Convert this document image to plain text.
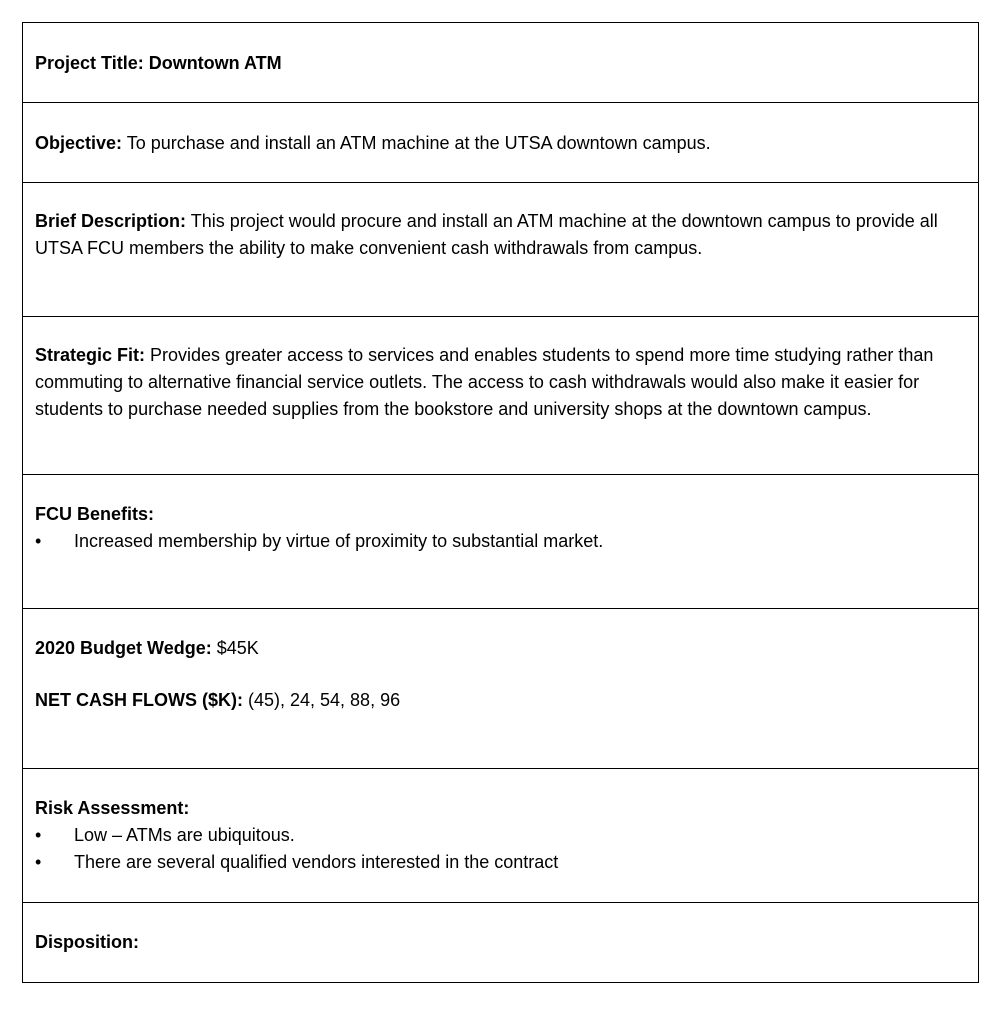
Project Title: Downtown ATM
Objective: To purchase and install an ATM machine at the UTSA downtown campus.
Brief Description: This project would procure and install an ATM machine at the downtown campus to provide all UTSA FCU members the ability to make convenient cash withdrawals from campus.
Strategic Fit: Provides greater access to services and enables students to spend more time studying rather than commuting to alternative financial service outlets. The access to cash withdrawals would also make it easier for students to purchase needed supplies from the bookstore and university shops at the downtown campus.
FCU Benefits:
•	Increased membership by virtue of proximity to substantial market.
2020 Budget Wedge: $45K
NET CASH FLOWS ($K): (45), 24, 54, 88, 96
Risk Assessment:
•	Low – ATMs are ubiquitous.
•	There are several qualified vendors interested in the contract
Disposition:
